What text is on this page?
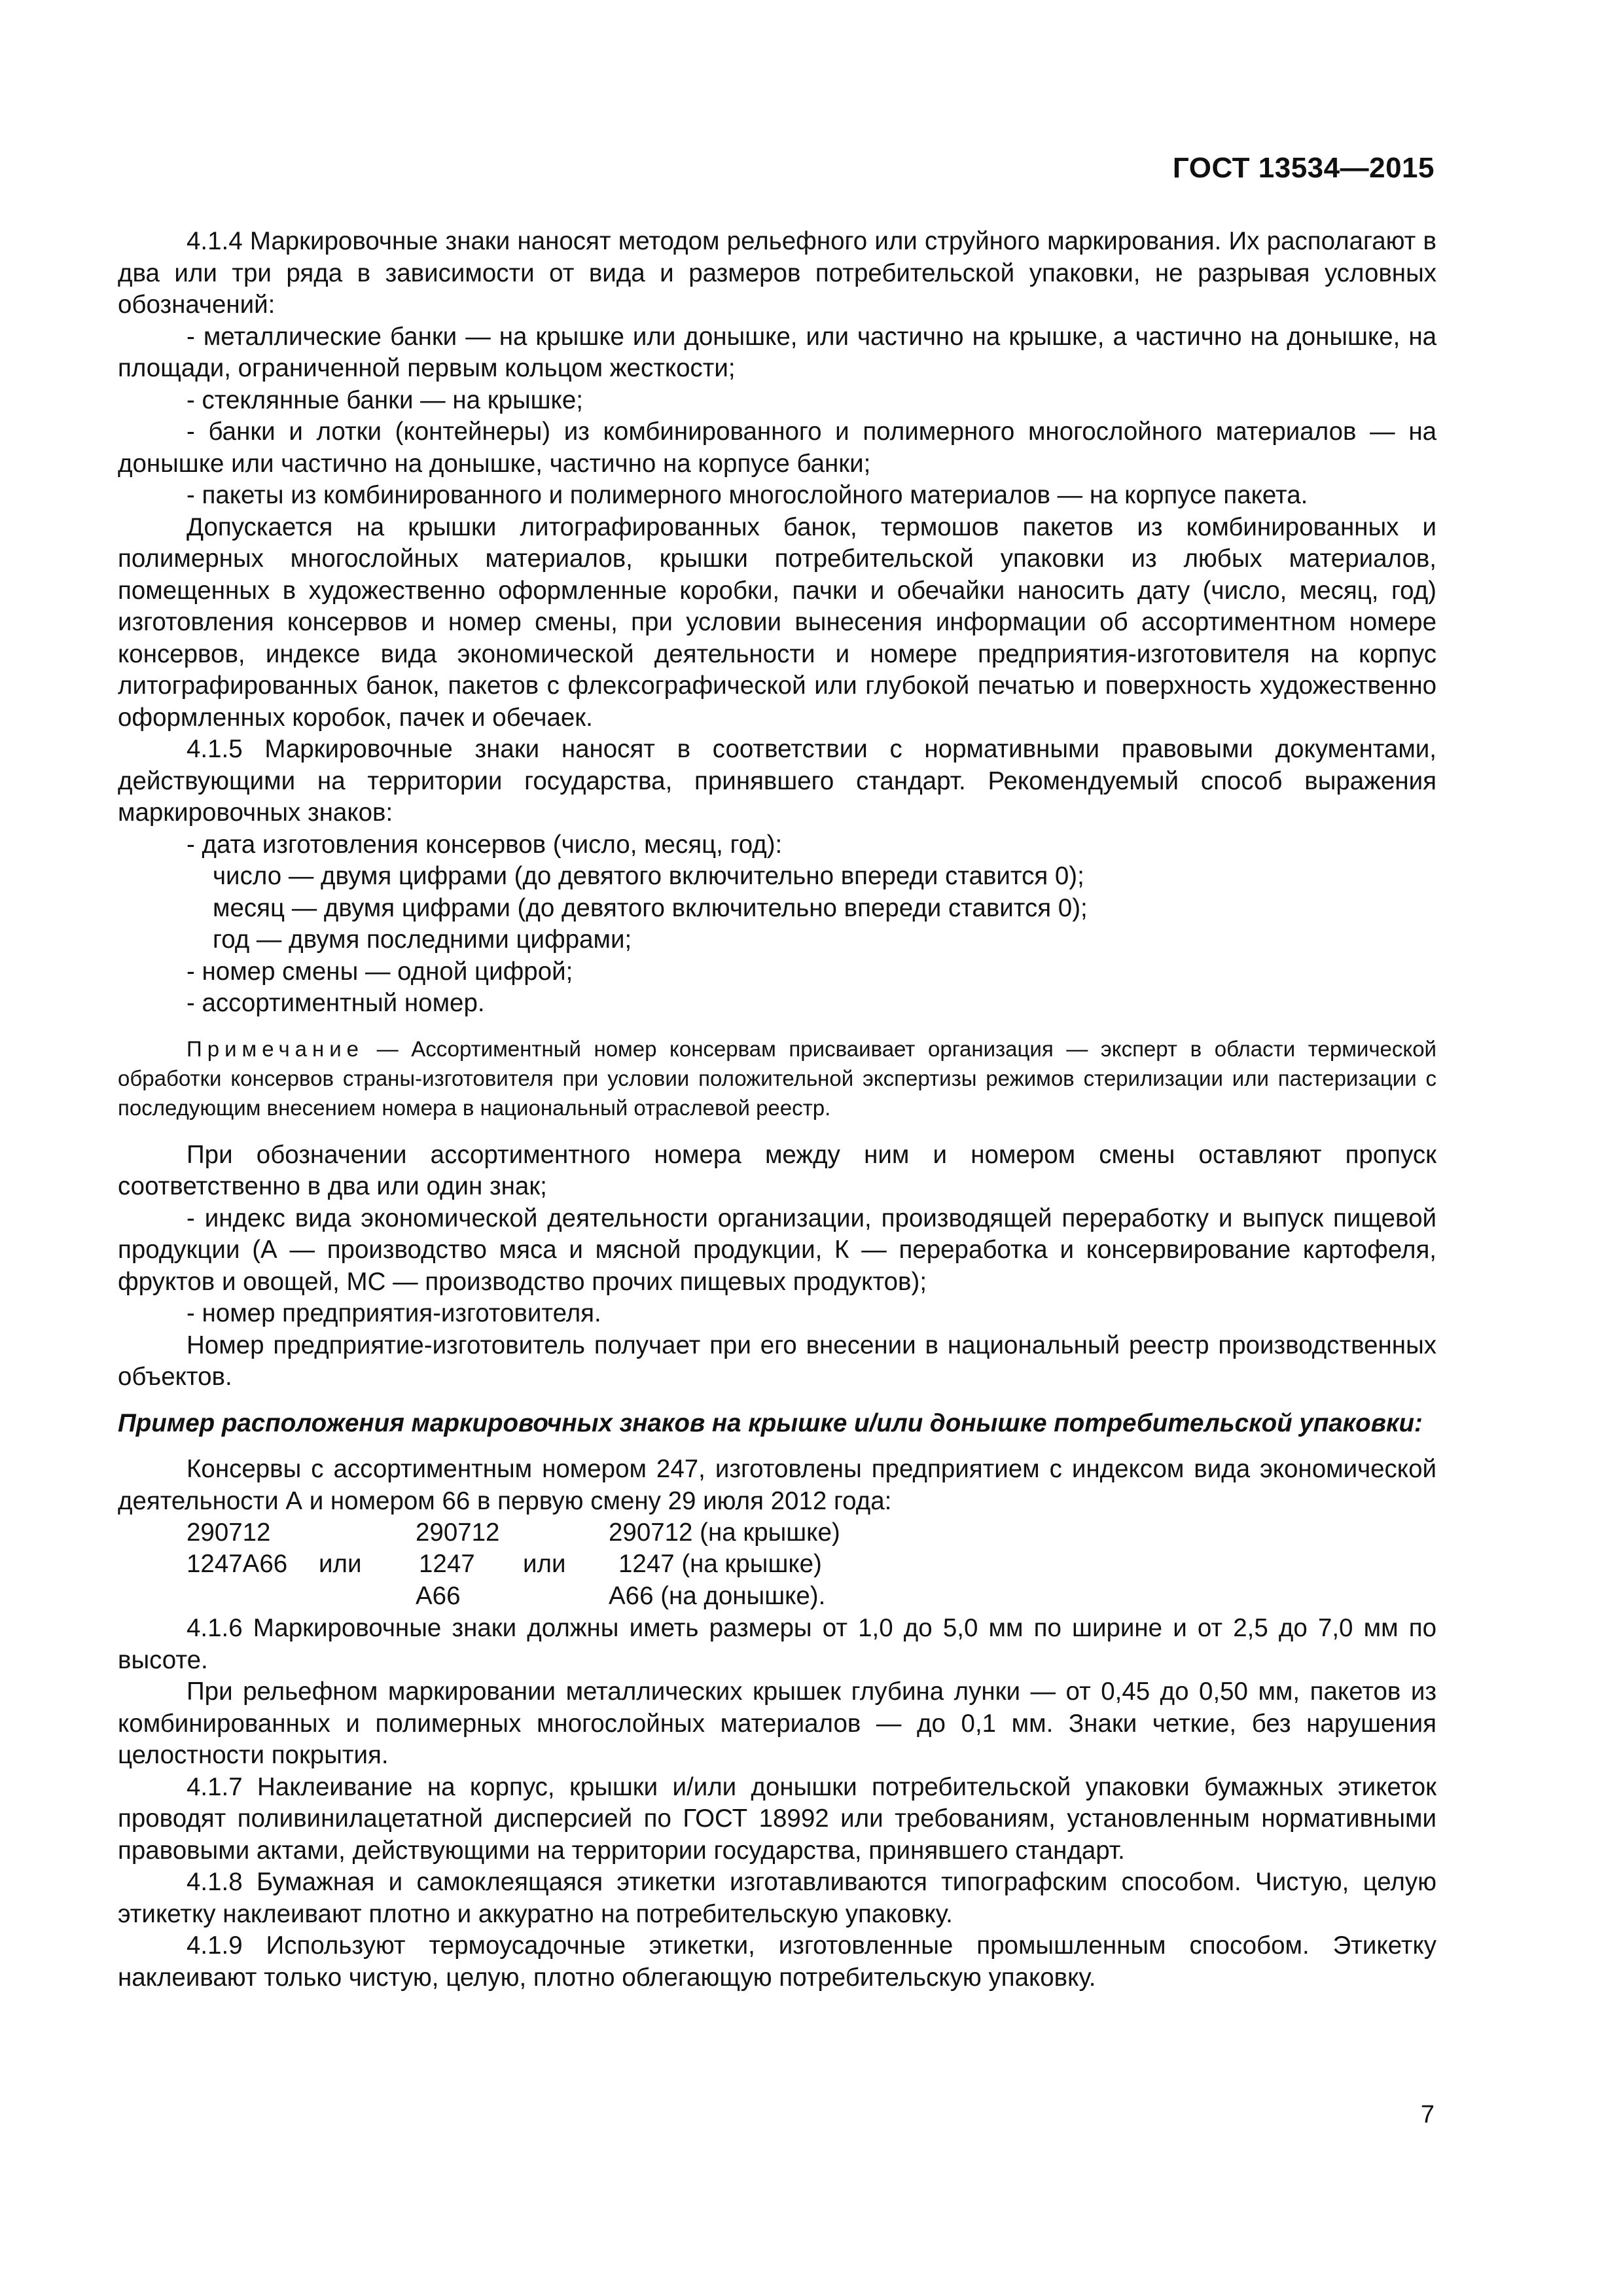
ГОСТ 13534—2015

4.1.4 Маркировочные знаки наносят методом рельефного или струйного маркирования. Их располагают в два или три ряда в зависимости от вида и размеров потребительской упаковки, не разрывая условных обозначений:

- металлические банки — на крышке или донышке, или частично на крышке, а частично на донышке, на площади, ограниченной первым кольцом жесткости;

- стеклянные банки — на крышке;

- банки и лотки (контейнеры) из комбинированного и полимерного многослойного материалов — на донышке или частично на донышке, частично на корпусе банки;

- пакеты из комбинированного и полимерного многослойного материалов — на корпусе пакета.

Допускается на крышки литографированных банок, термошов пакетов из комбинированных и полимерных многослойных материалов, крышки потребительской упаковки из любых материалов, помещенных в художественно оформленные коробки, пачки и обечайки наносить дату (число, месяц, год) изготовления консервов и номер смены, при условии вынесения информации об ассортиментном номере консервов, индексе вида экономической деятельности и номере предприятия-изготовителя на корпус литографированных банок, пакетов с флексографической или глубокой печатью и поверхность художественно оформленных коробок, пачек и обечаек.

4.1.5 Маркировочные знаки наносят в соответствии с нормативными правовыми документами, действующими на территории государства, принявшего стандарт. Рекомендуемый способ выражения маркировочных знаков:

- дата изготовления консервов (число, месяц, год):

число — двумя цифрами (до девятого включительно впереди ставится 0);

месяц — двумя цифрами (до девятого включительно впереди ставится 0);

год — двумя последними цифрами;

- номер смены — одной цифрой;

- ассортиментный номер.

Примечание — Ассортиментный номер консервам присваивает организация — эксперт в области термической обработки консервов страны-изготовителя при условии положительной экспертизы режимов стерилизации или пастеризации с последующим внесением номера в национальный отраслевой реестр.

При обозначении ассортиментного номера между ним и номером смены оставляют пропуск соответственно в два или один знак;

- индекс вида экономической деятельности организации, производящей переработку и выпуск пищевой продукции (А — производство мяса и мясной продукции, К — переработка и консервирование картофеля, фруктов и овощей, МС — производство прочих пищевых продуктов);

- номер предприятия-изготовителя.

Номер предприятие-изготовитель получает при его внесении в национальный реестр производственных объектов.

Пример расположения маркировочных знаков на крышке и/или донышке потребительской упаковки:

Консервы с ассортиментным номером 247, изготовлены предприятием с индексом вида экономической деятельности А и номером 66 в первую смену 29 июля 2012 года:

290712
1247А66 или
290712
1247
А66
или
290712 (на крышке)
1247 (на крышке)
А66 (на донышке).

4.1.6 Маркировочные знаки должны иметь размеры от 1,0 до 5,0 мм по ширине и от 2,5 до 7,0 мм по высоте.

При рельефном маркировании металлических крышек глубина лунки — от 0,45 до 0,50 мм, пакетов из комбинированных и полимерных многослойных материалов — до 0,1 мм. Знаки четкие, без нарушения целостности покрытия.

4.1.7 Наклеивание на корпус, крышки и/или донышки потребительской упаковки бумажных этикеток проводят поливинилацетатной дисперсией по ГОСТ 18992 или требованиям, установленным нормативными правовыми актами, действующими на территории государства, принявшего стандарт.

4.1.8 Бумажная и самоклеящаяся этикетки изготавливаются типографским способом. Чистую, целую этикетку наклеивают плотно и аккуратно на потребительскую упаковку.

4.1.9 Используют термоусадочные этикетки, изготовленные промышленным способом. Этикетку наклеивают только чистую, целую, плотно облегающую потребительскую упаковку.

7
